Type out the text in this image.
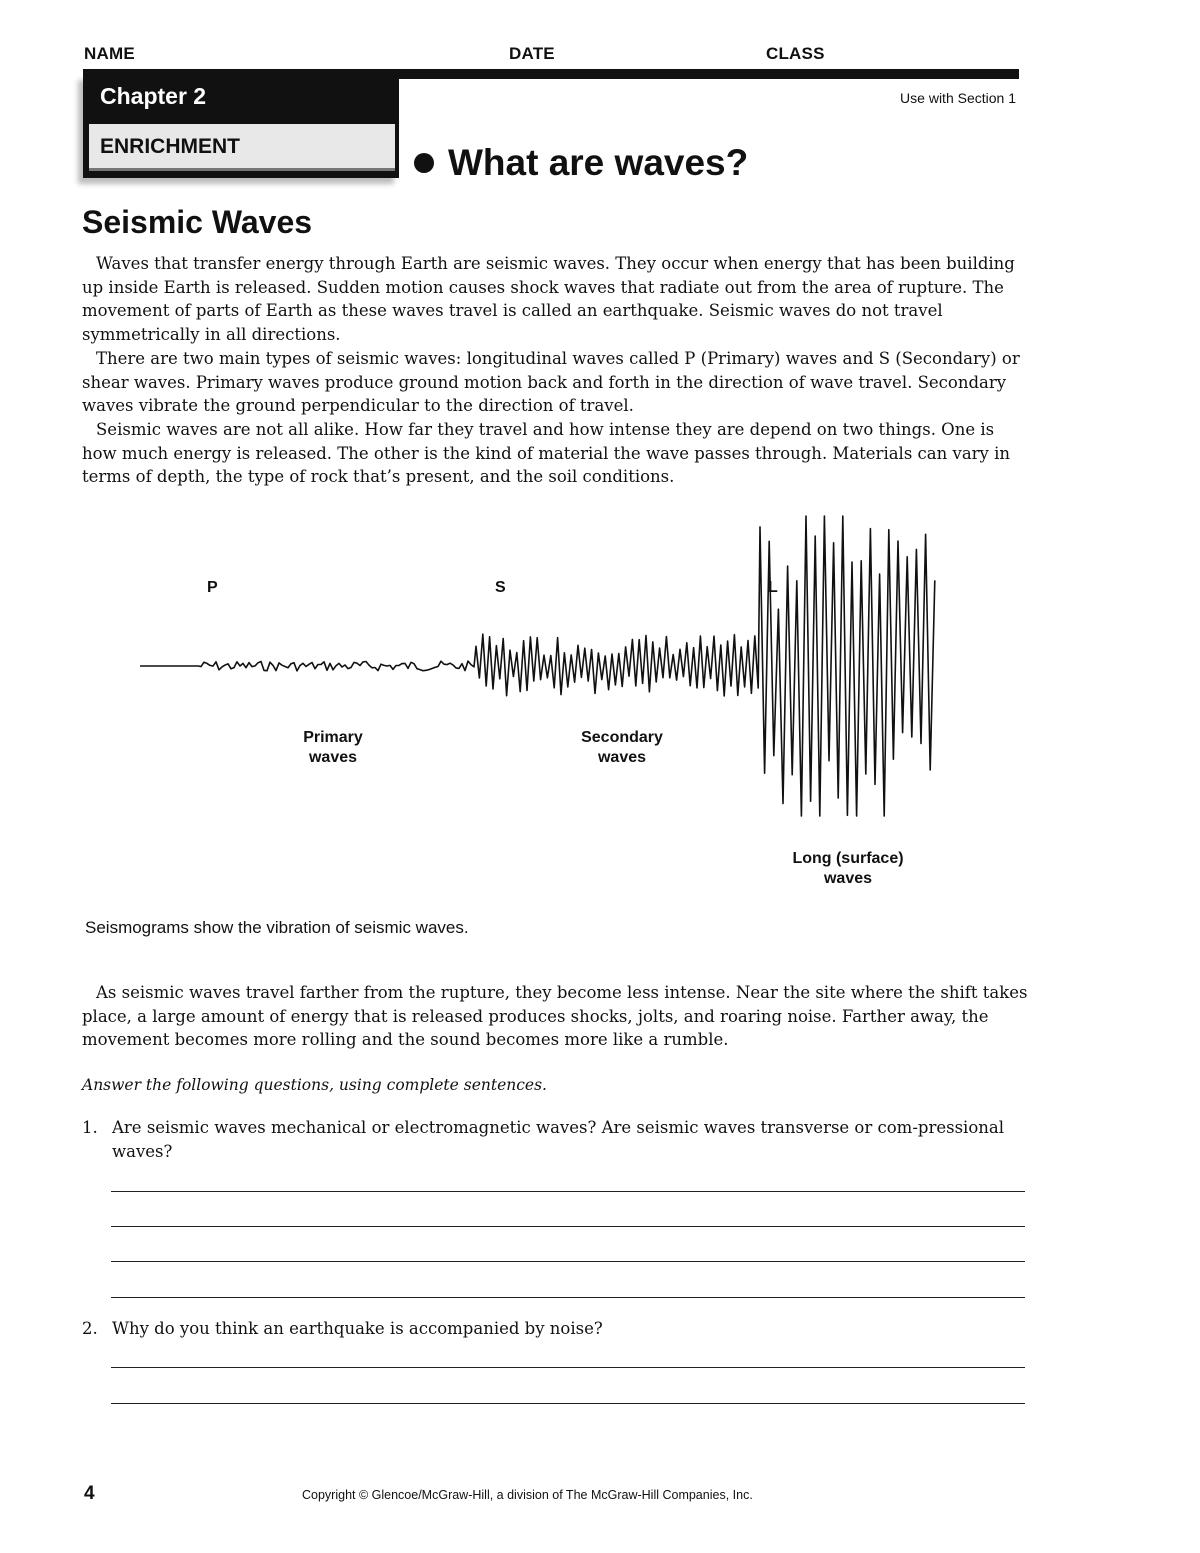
NAME	DATE	CLASS
Chapter 2
ENRICHMENT
Use with Section 1
What are waves?
Seismic Waves

Waves that transfer energy through Earth are seismic waves. They occur when energy that has been building up inside Earth is released. Sudden motion causes shock waves that radiate out from the area of rupture. The movement of parts of Earth as these waves travel is called an earthquake. Seismic waves do not travel symmetrically in all directions.

There are two main types of seismic waves: longitudinal waves called P (Primary) waves and S (Secondary) or shear waves. Primary waves produce ground motion back and forth in the direction of wave travel. Secondary waves vibrate the ground perpendicular to the direction of travel.

Seismic waves are not all alike. How far they travel and how intense they are depend on two things. One is how much energy is released. The other is the kind of material the wave passes through. Materials can vary in terms of depth, the type of rock that’s present, and the soil conditions.

P	S	L
Primary
waves
Secondary
waves
Long (surface)
waves
Seismograms show the vibration of seismic waves.

As seismic waves travel farther from the rupture, they become less intense. Near the site where the shift takes place, a large amount of energy that is released produces shocks, jolts, and roaring noise. Farther away, the movement becomes more rolling and the sound becomes more like a rumble.

Answer the following questions, using complete sentences.
1. Are seismic waves mechanical or electromagnetic waves? Are seismic waves transverse or com-pressional waves?
2. Why do you think an earthquake is accompanied by noise?
4	Copyright © Glencoe/McGraw-Hill, a division of The McGraw-Hill Companies, Inc.
